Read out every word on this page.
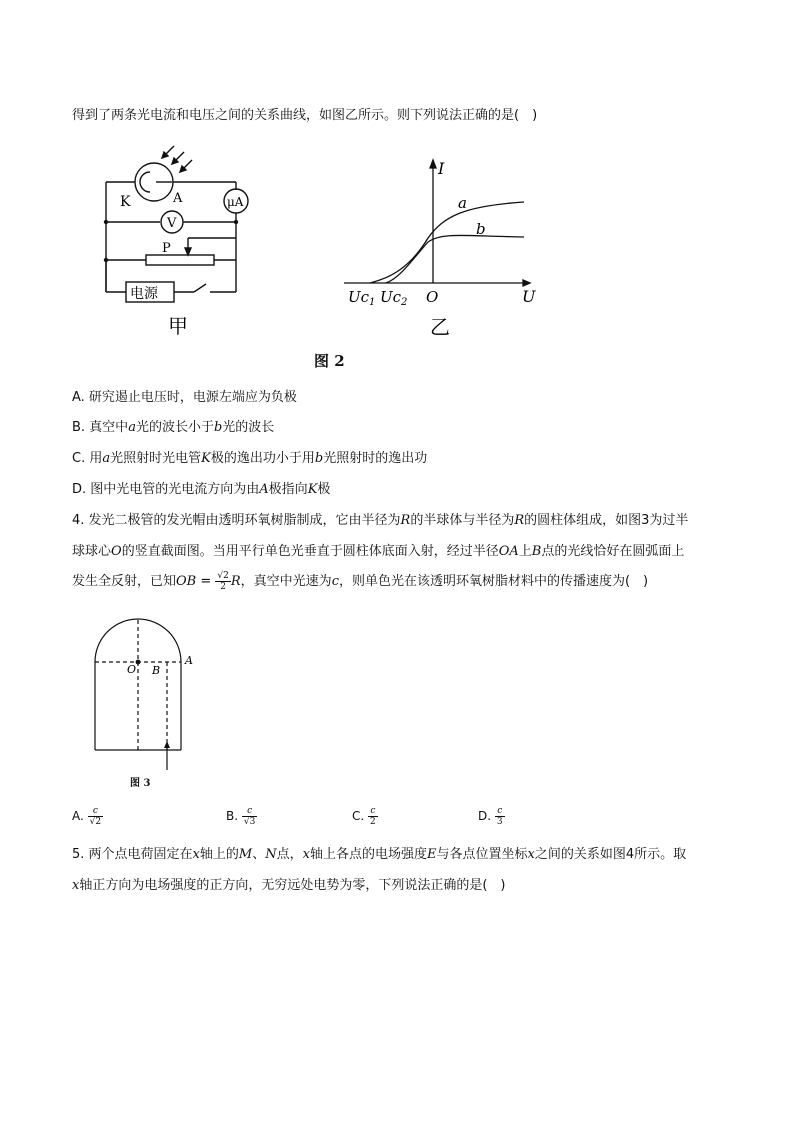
得到了两条光电流和电压之间的关系曲线，如图乙所示。则下列说法正确的是(　)
K	A	μA
V
P
电源
甲
I
U
O
$Uc_1$ $Uc_2$
a
b
乙
图 2
A. 研究遏止电压时，电源左端应为负极
B. 真空中a光的波长小于b光的波长
C. 用a光照射时光电管K极的逸出功小于用b光照射时的逸出功
D. 图中光电管的光电流方向为由A极指向K极
4. 发光二极管的发光帽由透明环氧树脂制成，它由半径为R的半球体与半径为R的圆柱体组成，如图3为过半
球球心O的竖直截面图。当用平行单色光垂直于圆柱体底面入射，经过半径OA上B点的光线恰好在圆弧面上
发生全反射，已知OB = $\frac{√2}{2}$ R，真空中光速为c，则单色光在该透明环氧树脂材料中的传播速度为(　)
O B
A
图 3
A. $\frac{c}{√2}$	B. $\frac{c}{√3}$	C. $\frac{c}{2}$	D. $\frac{c}{3}$
5. 两个点电荷固定在x轴上的M、N点，x轴上各点的电场强度E与各点位置坐标x之间的关系如图4所示。取
x轴正方向为电场强度的正方向，无穷远处电势为零，下列说法正确的是(　)
